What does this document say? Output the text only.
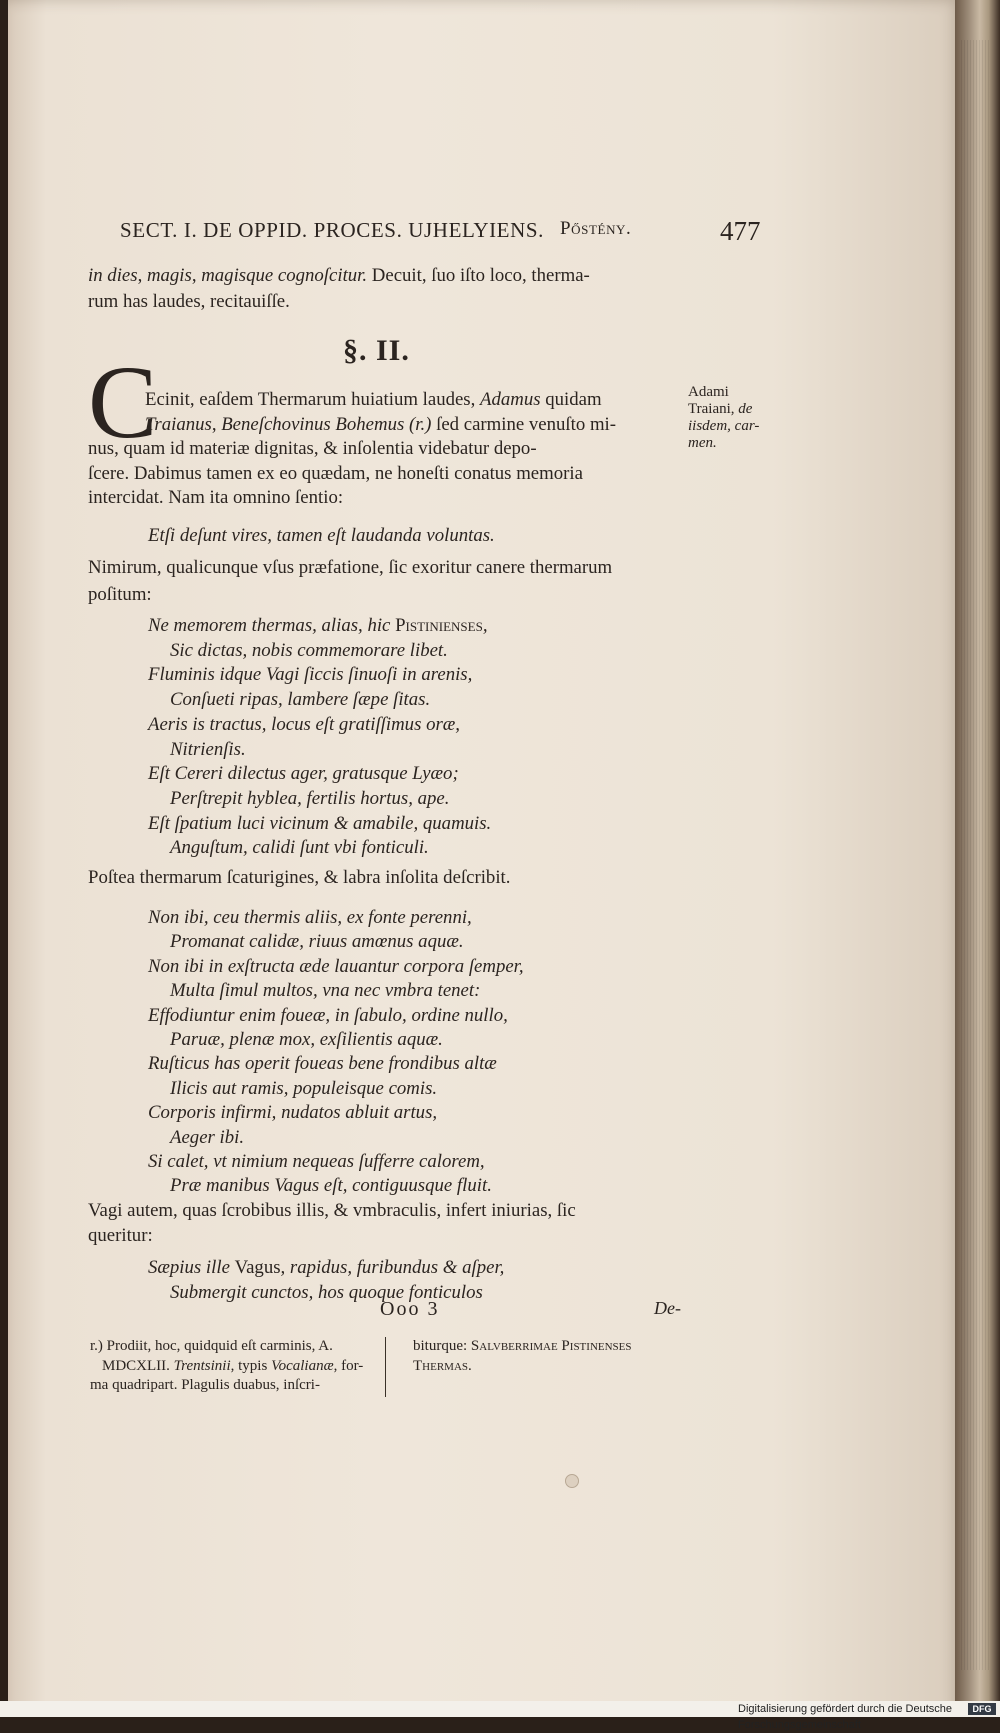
SECT. I. DE OPPID. PROCES. UJHELYIENS. Pőstény.	477
in dies, magis, magisque cognoſcitur. Decuit, ſuo iſto loco, therma-
rum has laudes, recitauiſſe.
§. II.
C
Ecinit, eaſdem Thermarum huiatium laudes, Adamus quidam
Traianus, Beneſchovinus Bohemus (r.) ſed carmine venuſto mi-
nus, quam id materiæ dignitas, & inſolentia videbatur depo-
ſcere. Dabimus tamen ex eo quædam, ne honeſti conatus memoria
intercidat. Nam ita omnino ſentio:
Adami
Traiani, de
iisdem, car-
men.
Etſi deſunt vires, tamen eſt laudanda voluntas.
Nimirum, qualicunque vſus præfatione, ſic exoritur canere thermarum
poſitum:
Ne memorem thermas, alias, hic Pistinienses,
Sic dictas, nobis commemorare libet.
Fluminis idque Vagi ſiccis ſinuoſi in arenis,
Conſueti ripas, lambere ſæpe ſitas.
Aeris is tractus, locus eſt gratiſſimus oræ,
Nitrienſis.
Eſt Cereri dilectus ager, gratusque Lyæo;
Perſtrepit hyblea, fertilis hortus, ape.
Eſt ſpatium luci vicinum & amabile, quamuis.
Anguſtum, calidi ſunt vbi fonticuli.
Poſtea thermarum ſcaturigines, & labra inſolita deſcribit.
Non ibi, ceu thermis aliis, ex fonte perenni,
Promanat calidæ, riuus amœnus aquæ.
Non ibi in exſtructa æde lauantur corpora ſemper,
Multa ſimul multos, vna nec vmbra tenet:
Effodiuntur enim foueæ, in ſabulo, ordine nullo,
Paruæ, plenæ mox, exſilientis aquæ.
Ruſticus has operit foueas bene frondibus altæ
Ilicis aut ramis, populeisque comis.
Corporis infirmi, nudatos abluit artus,
Aeger ibi.
Si calet, vt nimium nequeas ſufferre calorem,
Præ manibus Vagus eſt, contiguusque fluit.
Vagi autem, quas ſcrobibus illis, & vmbraculis, infert iniurias, ſic
queritur:
Sæpius ille Vagus, rapidus, furibundus & aſper,
Submergit cunctos, hos quoque fonticulos
Ooo 3	De-
r.) Prodiit, hoc, quidquid eſt carminis, A.
MDCXLII. Trentsinii, typis Vocalianæ, for-
ma quadripart. Plagulis duabus, inſcri-
biturque: Salvberrimae Pistinenses
Thermas.
Digitalisierung gefördert durch die Deutsche Forschungsgemeinschaft
DFG
